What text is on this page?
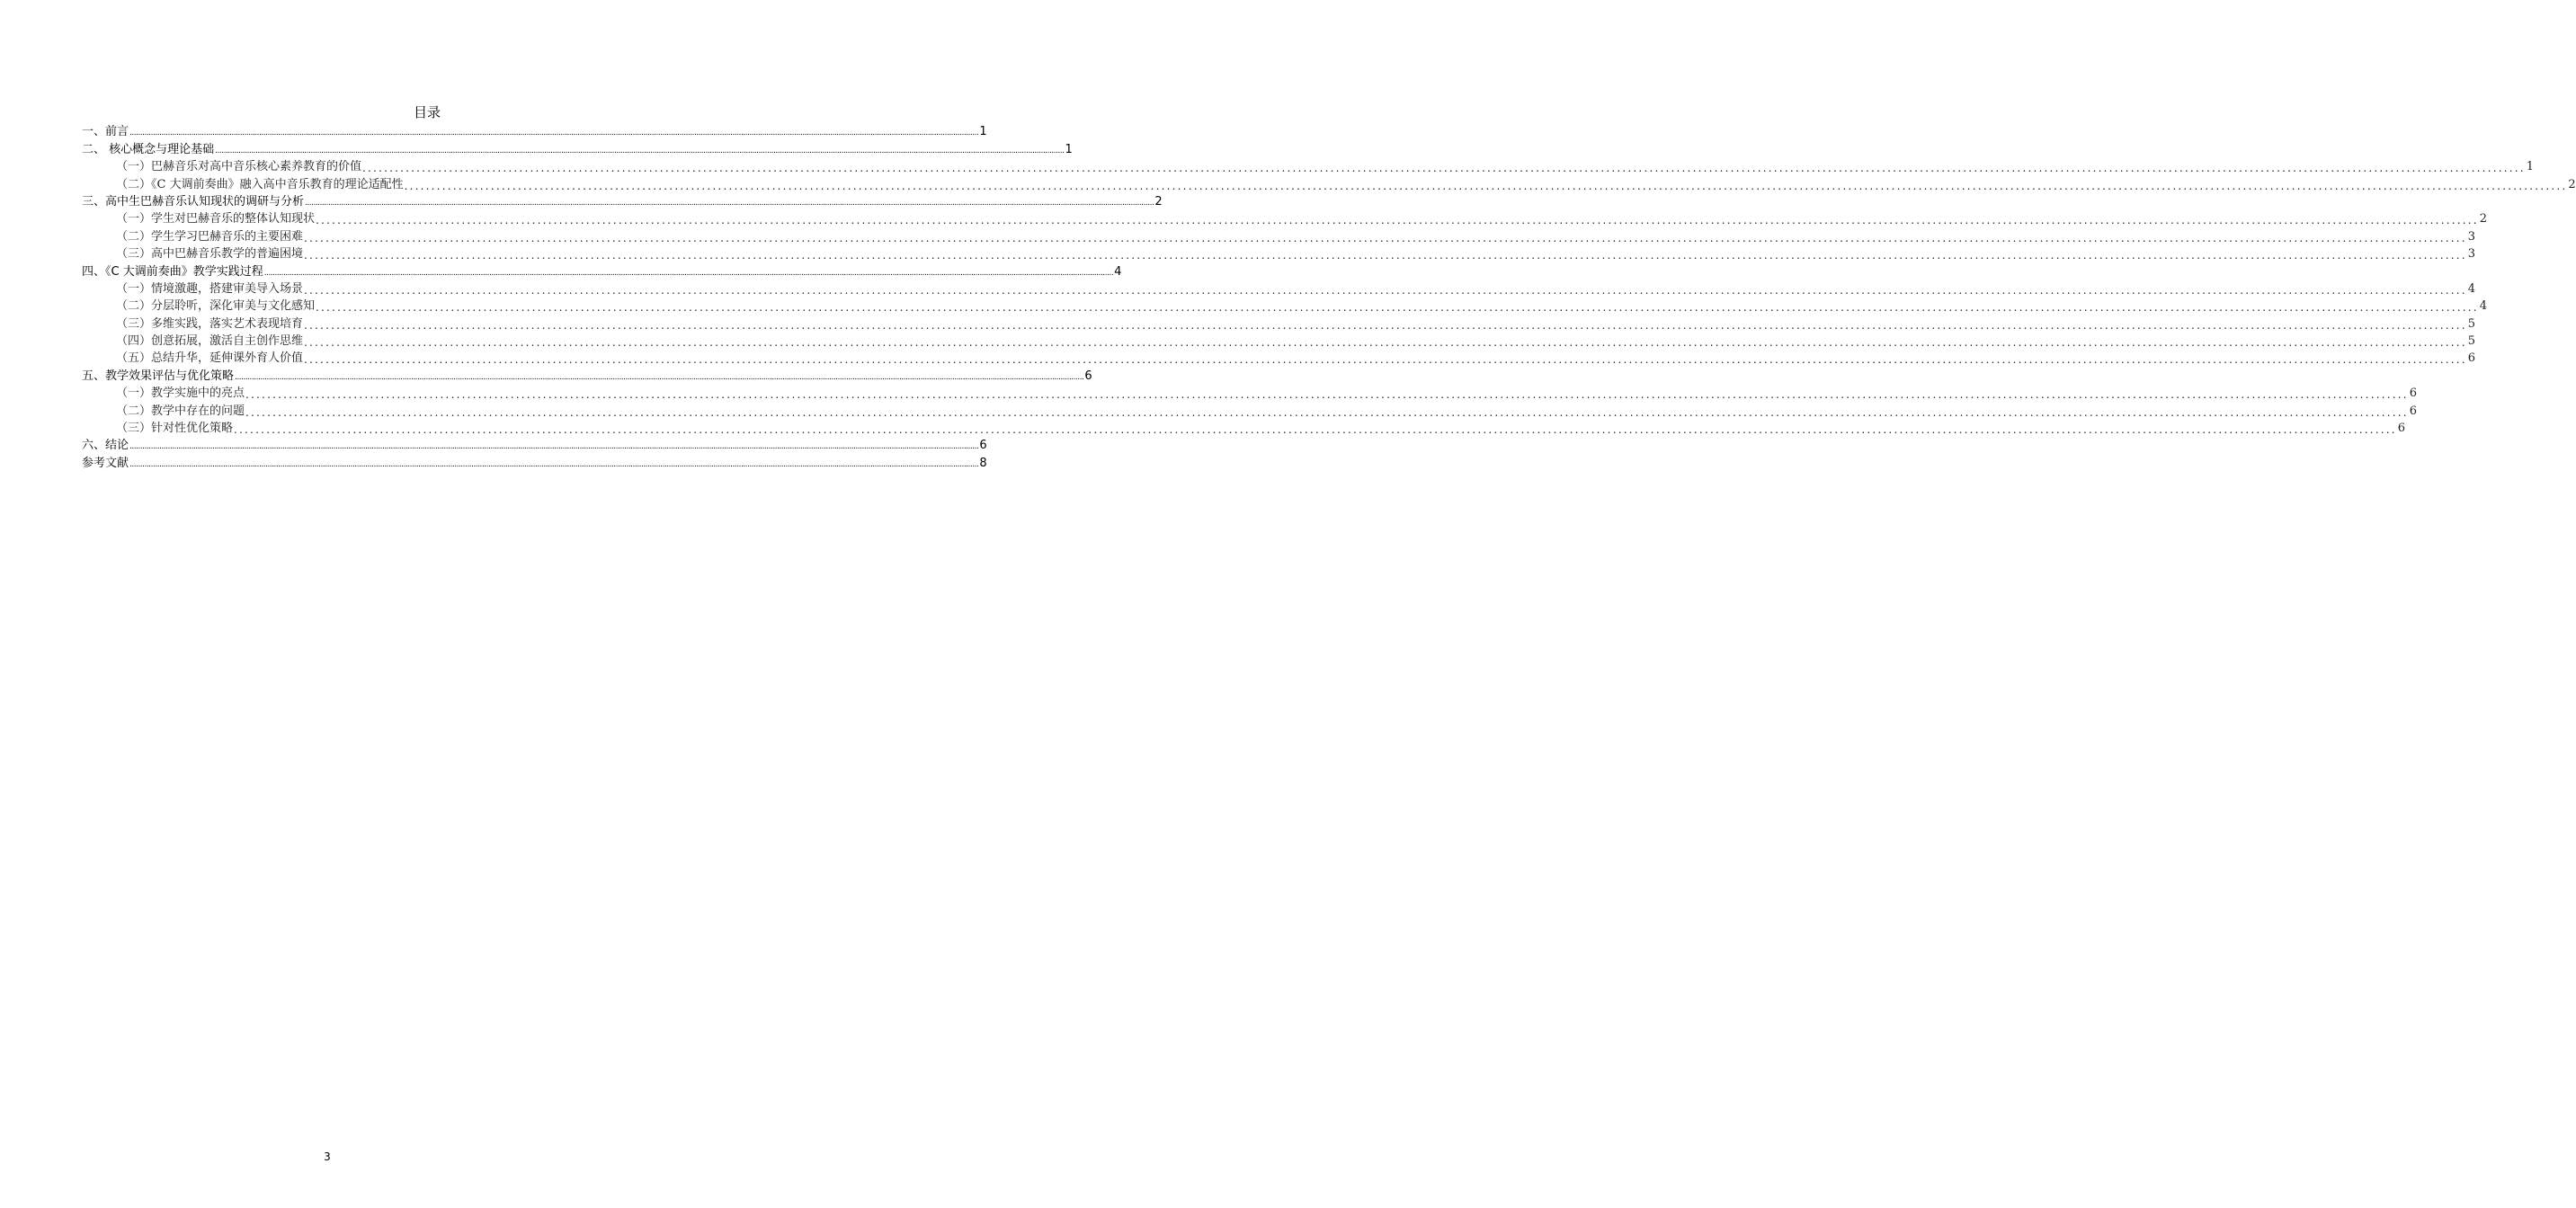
目录
一、前言 ................................................................................................................................................................................................................................................................................................................................................................................................................ 1
二、 核心概念与理论基础 ................................................................................................................................................................................................................................................................................................................................................................................................................ 1
（一）巴赫音乐对高中音乐核心素养教育的价值 ................................................................................................................................................................................................................................................................................................................................................................................................................ 1
（二）《C 大调前奏曲》融入高中音乐教育的理论适配性 ................................................................................................................................................................................................................................................................................................................................................................................................................ 2
三、高中生巴赫音乐认知现状的调研与分析 ................................................................................................................................................................................................................................................................................................................................................................................................................ 2
（一）学生对巴赫音乐的整体认知现状 ................................................................................................................................................................................................................................................................................................................................................................................................................ 2
（二）学生学习巴赫音乐的主要困难 ................................................................................................................................................................................................................................................................................................................................................................................................................ 3
（三）高中巴赫音乐教学的普遍困境 ................................................................................................................................................................................................................................................................................................................................................................................................................ 3
四、《C 大调前奏曲》教学实践过程 ................................................................................................................................................................................................................................................................................................................................................................................................................ 4
（一）情境激趣，搭建审美导入场景 ................................................................................................................................................................................................................................................................................................................................................................................................................ 4
（二）分层聆听，深化审美与文化感知 ................................................................................................................................................................................................................................................................................................................................................................................................................ 4
（三）多维实践，落实艺术表现培育 ................................................................................................................................................................................................................................................................................................................................................................................................................ 5
（四）创意拓展，激活自主创作思维 ................................................................................................................................................................................................................................................................................................................................................................................................................ 5
（五）总结升华，延伸课外育人价值 ................................................................................................................................................................................................................................................................................................................................................................................................................ 6
五、教学效果评估与优化策略 ................................................................................................................................................................................................................................................................................................................................................................................................................ 6
（一）教学实施中的亮点 ................................................................................................................................................................................................................................................................................................................................................................................................................ 6
（二）教学中存在的问题 ................................................................................................................................................................................................................................................................................................................................................................................................................ 6
（三）针对性优化策略 ................................................................................................................................................................................................................................................................................................................................................................................................................ 6
六、结论 ................................................................................................................................................................................................................................................................................................................................................................................................................ 6
参考文献 ................................................................................................................................................................................................................................................................................................................................................................................................................ 8
3
